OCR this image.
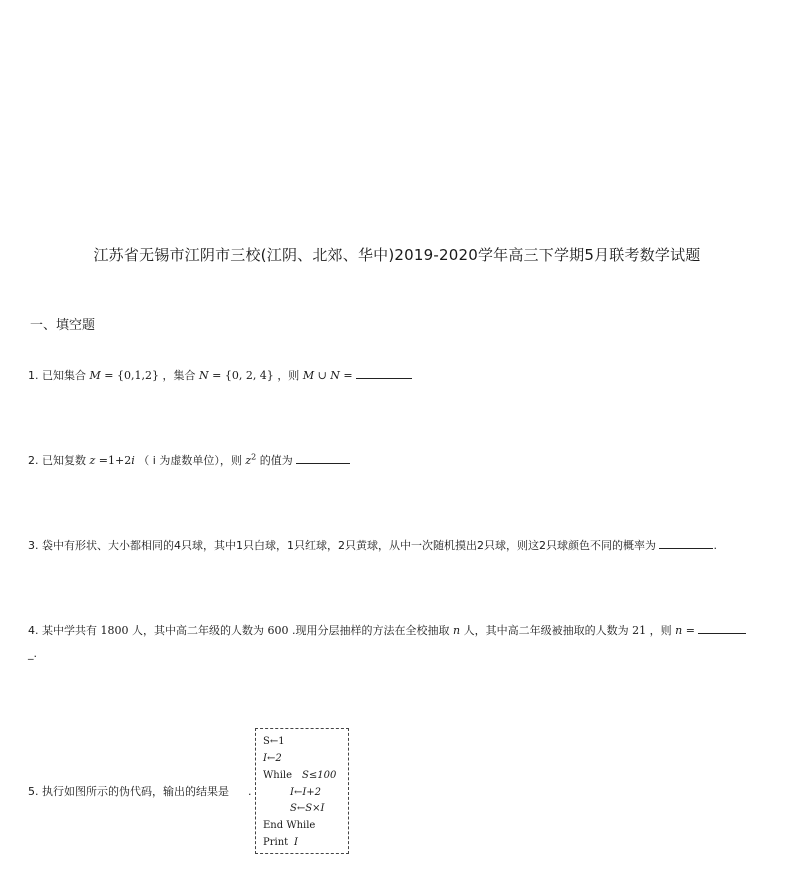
江苏省无锡市江阴市三校(江阴、北郊、华中)2019-2020学年高三下学期5月联考数学试题
一、填空题
1. 已知集合 M = {0,1,2} ，集合 N = {0, 2, 4} ，则 M ∪ N =
2. 已知复数 z =1+2i （ i 为虚数单位），则 $z^2$ 的值为
3. 袋中有形状、大小都相同的4只球，其中1只白球，1只红球，2只黄球，从中一次随机摸出2只球，则这2只球颜色不同的概率为	.
4. 某中学共有 1800 人，其中高二年级的人数为 600 .现用分层抽样的方法在全校抽取 n 人，其中高二年级被抽取的人数为 21 ，则 n =
_.
5. 执行如图所示的伪代码，输出的结果是 .
S←1
I←2
While S≤100
I←I+2
S←S×I
End While
Print I
